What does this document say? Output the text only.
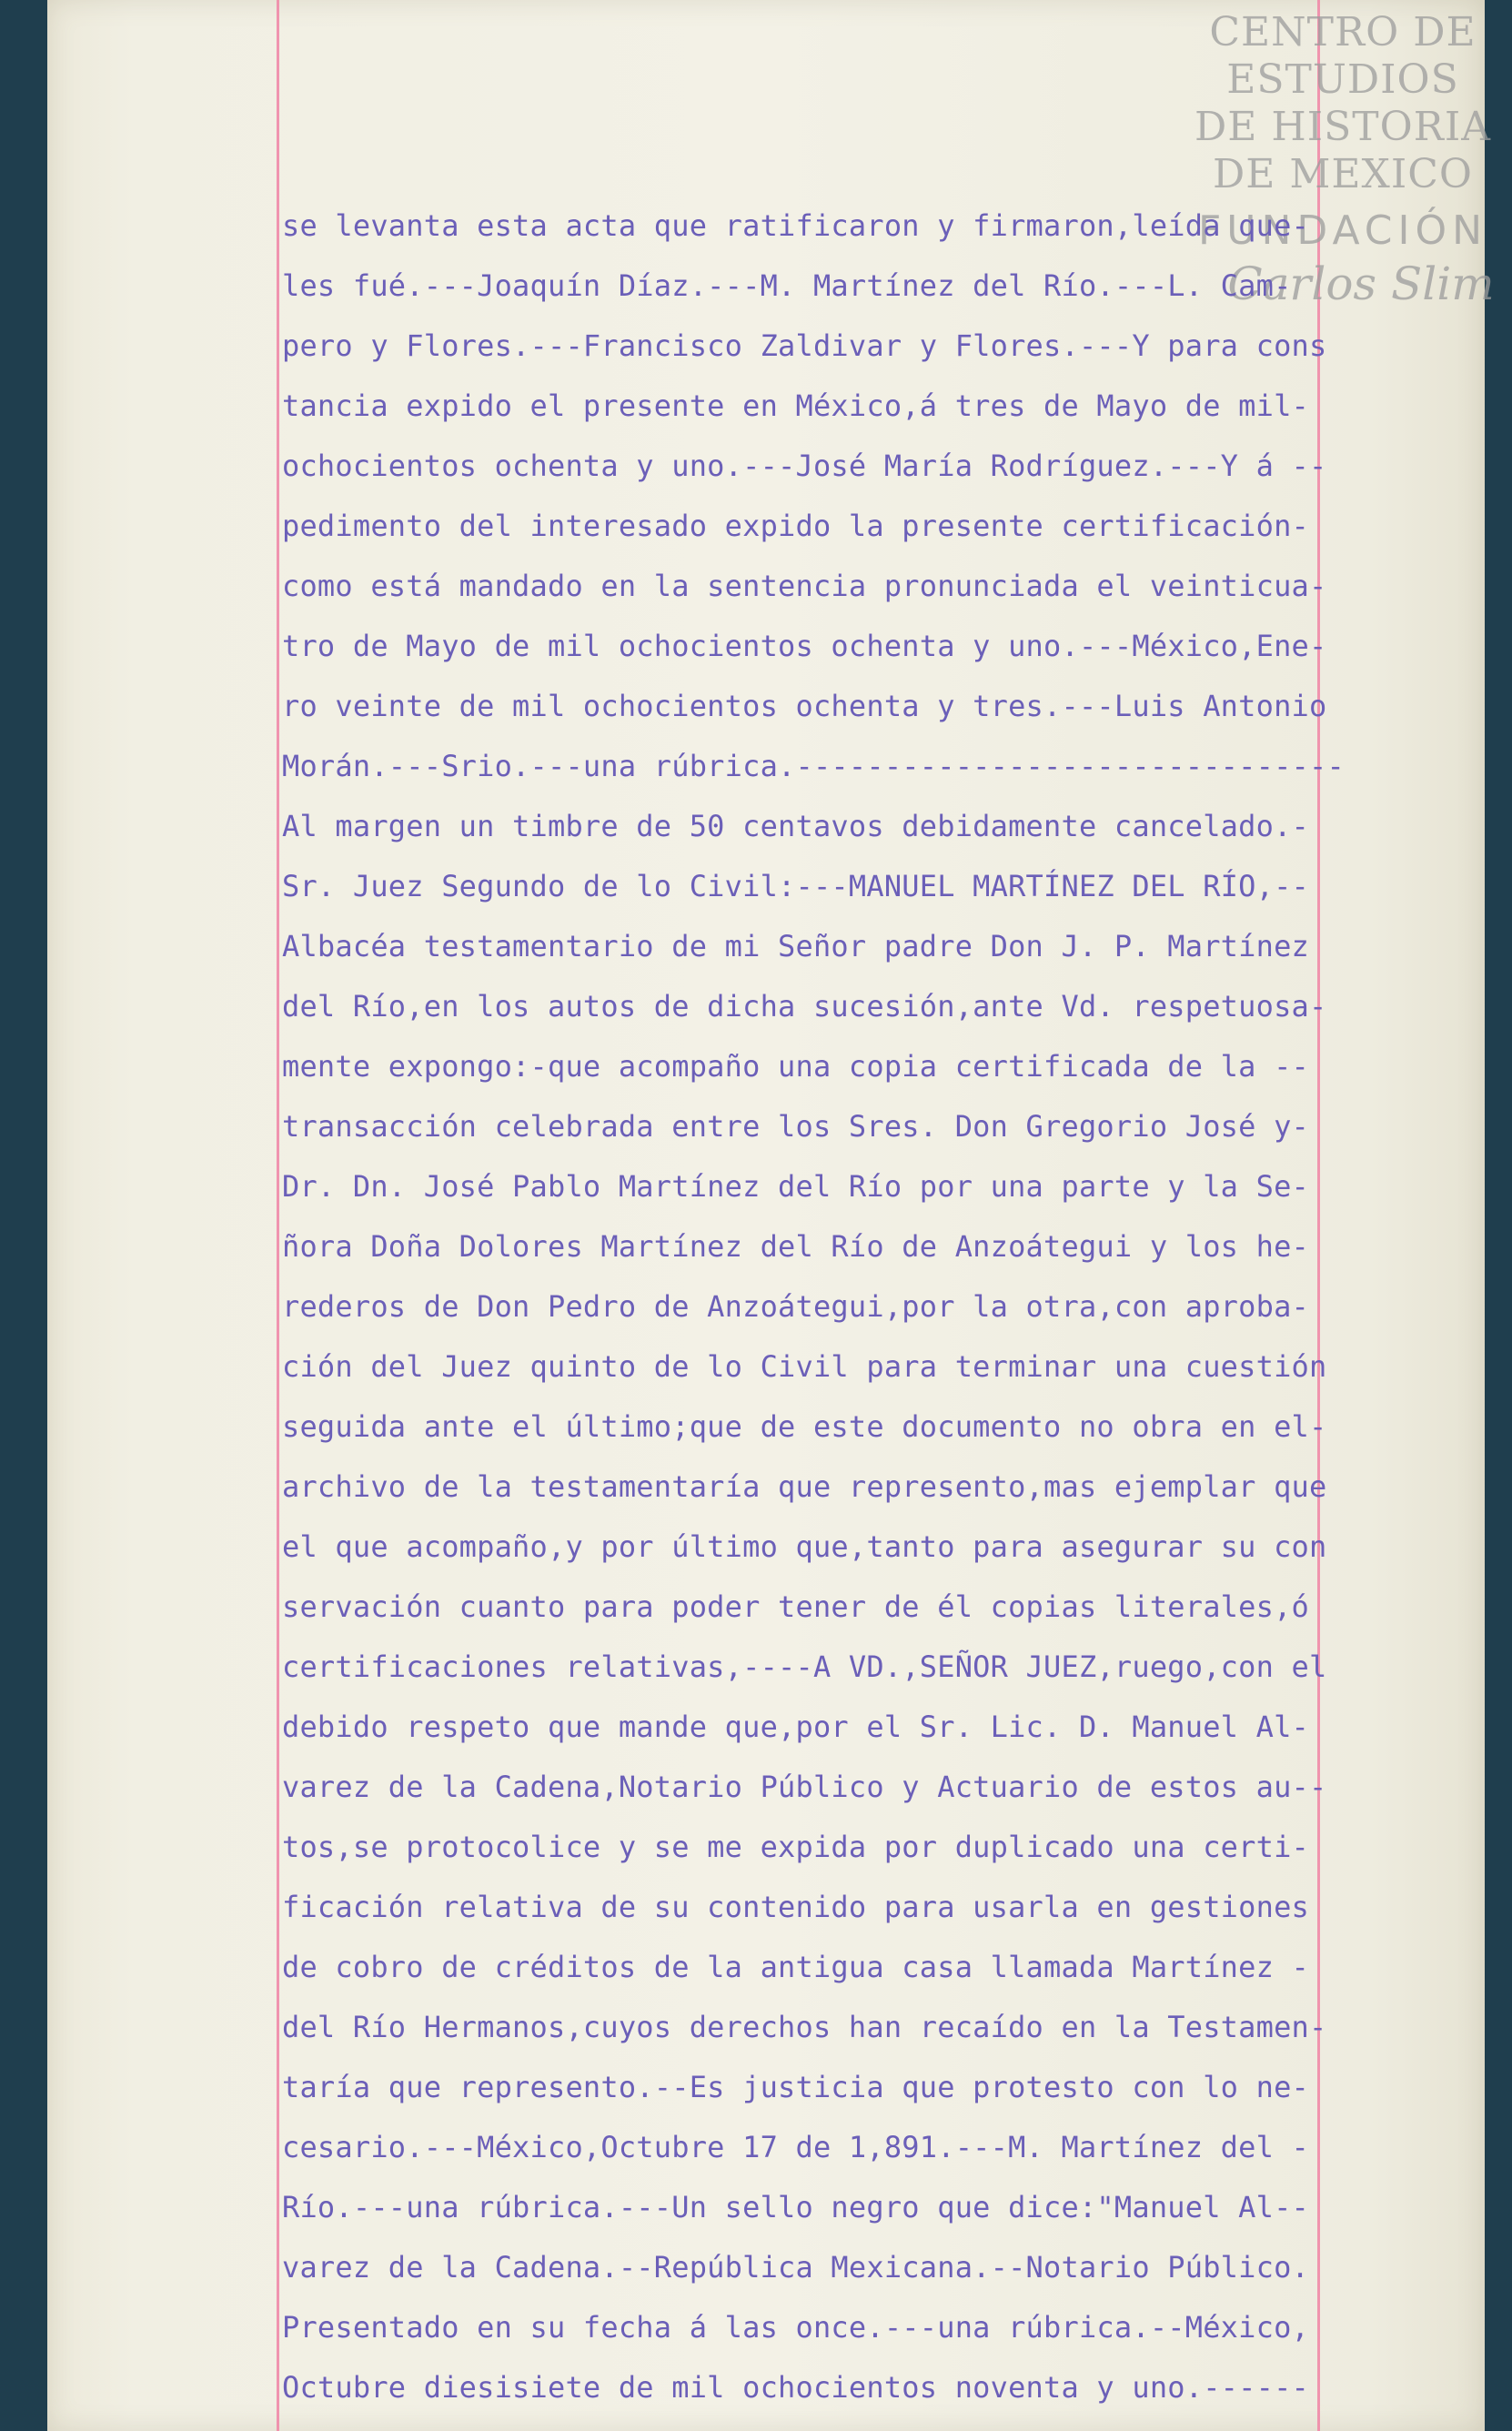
CENTRO DE
ESTUDIOS
DE HISTORIA
DE MEXICO
FUNDACIÓN
Carlos Slim
se levanta esta acta que ratificaron y firmaron,leída que-
les fué.---Joaquín Díaz.---M. Martínez del Río.---L. Cam-
pero y Flores.---Francisco Zaldivar y Flores.---Y para cons
tancia expido el presente en México,á tres de Mayo de mil-
ochocientos ochenta y uno.---José María Rodríguez.---Y á --
pedimento del interesado expido la presente certificación-
como está mandado en la sentencia pronunciada el veinticua-
tro de Mayo de mil ochocientos ochenta y uno.---México,Ene-
ro veinte de mil ochocientos ochenta y tres.---Luis Antonio
Morán.---Srio.---una rúbrica.-------------------------------
Al margen un timbre de 50 centavos debidamente cancelado.-
Sr. Juez Segundo de lo Civil:---MANUEL MARTÍNEZ DEL RÍO,--
Albacéa testamentario de mi Señor padre Don J. P. Martínez
del Río,en los autos de dicha sucesión,ante Vd. respetuosa-
mente expongo:-que acompaño una copia certificada de la --
transacción celebrada entre los Sres. Don Gregorio José y-
Dr. Dn. José Pablo Martínez del Río por una parte y la Se-
ñora Doña Dolores Martínez del Río de Anzoátegui y los he-
rederos de Don Pedro de Anzoátegui,por la otra,con aproba-
ción del Juez quinto de lo Civil para terminar una cuestión
seguida ante el último;que de este documento no obra en el-
archivo de la testamentaría que represento,mas ejemplar que
el que acompaño,y por último que,tanto para asegurar su con
servación cuanto para poder tener de él copias literales,ó
certificaciones relativas,----A VD.,SEÑOR JUEZ,ruego,con el
debido respeto que mande que,por el Sr. Lic. D. Manuel Al-
varez de la Cadena,Notario Público y Actuario de estos au--
tos,se protocolice y se me expida por duplicado una certi-
ficación relativa de su contenido para usarla en gestiones
de cobro de créditos de la antigua casa llamada Martínez -
del Río Hermanos,cuyos derechos han recaído en la Testamen-
taría que represento.--Es justicia que protesto con lo ne-
cesario.---México,Octubre 17 de 1,891.---M. Martínez del -
Río.---una rúbrica.---Un sello negro que dice:"Manuel Al--
varez de la Cadena.--República Mexicana.--Notario Público.
Presentado en su fecha á las once.---una rúbrica.--México,
Octubre diesisiete de mil ochocientos noventa y uno.------
